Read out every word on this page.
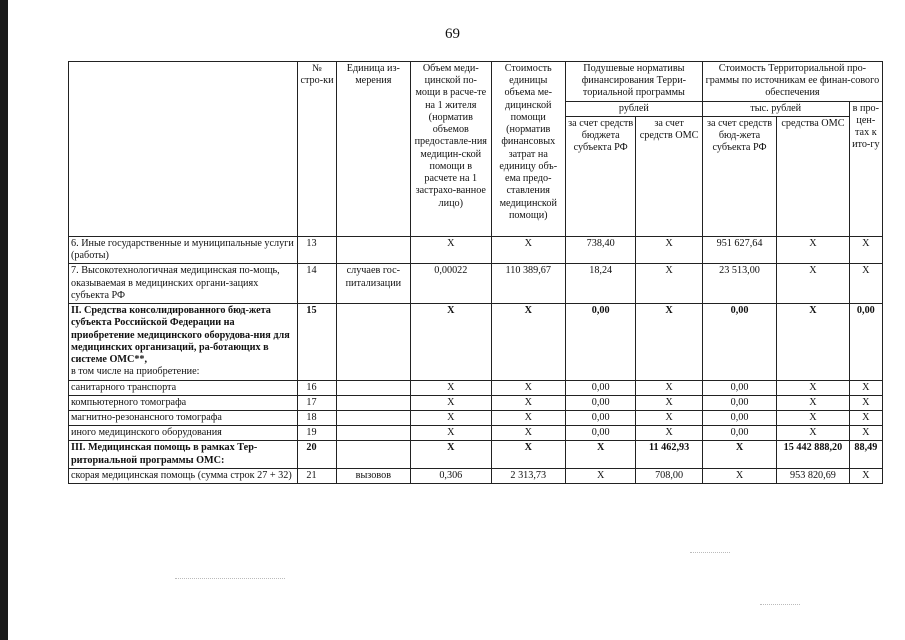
69
	№ стро-ки	Единица из-мерения	Объем меди-цинской по-мощи в расче-те на 1 жителя (норматив объемов предоставле-ния медицин-ской помощи в расчете на 1 застрахо-ванное лицо)	Стоимость единицы объема ме-дицинской помощи (норматив финансовых затрат на единицу объ-ема предо-ставления медицинской помощи)	Подушевые нормативы финансирования Терри-ториальной программы		Стоимость Территориальной про-граммы по источникам ее финан-сового обеспечения		
					рублей		тыс. рублей		в про-цен-тах к ито-гу
					за счет средств бюджета субъекта РФ	за счет средств ОМС	за счет средств бюд-жета субъекта РФ	средства ОМС	
6. Иные государственные и муниципальные услуги (работы)	13		Х	Х	738,40	Х	951 627,64	Х	Х
7. Высокотехнологичная медицинская по-мощь, оказываемая в медицинских органи-зациях субъекта РФ	14	случаев гос-питализации	0,00022	110 389,67	18,24	Х	23 513,00	Х	Х

II. Средства консолидированного бюд-жета субъекта Российской Федерации на приобретение медицинского оборудова-ния для медицинских организаций, ра-ботающих в системе ОМС**,
в том числе на приобретение:	15		Х	Х	0,00	Х	0,00	Х	0,00
санитарного транспорта	16		Х	Х	0,00	Х	0,00	Х	Х
компьютерного томографа	17		Х	Х	0,00	Х	0,00	Х	Х
магнитно-резонансного томографа	18		Х	Х	0,00	Х	0,00	Х	Х
иного медицинского оборудования	19		Х	Х	0,00	Х	0,00	Х	Х
III. Медицинская помощь в рамках Тер-риториальной программы ОМС:	20		Х	Х	Х	11 462,93	Х	15 442 888,20	88,49
скорая медицинская помощь (сумма строк 27 + 32)	21	вызовов	0,306	2 313,73	Х	708,00	Х	953 820,69	Х
